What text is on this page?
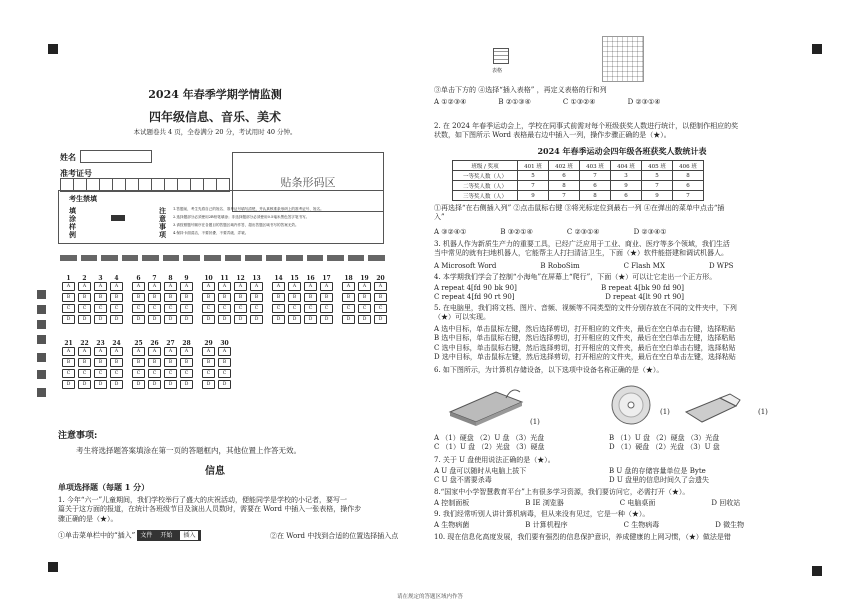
2024 年春季学期学情监测
四年级信息、音乐、美术
本试题卷共 4 页，全卷满分 20 分，考试用时 40 分钟。
姓名
准考证号
贴条形码区
考生禁填
填涂样例
注意事项
1.答题前，考生先将自己的姓名、准考证号填写清楚，并认真核准条形码上的准考证号、姓名。
2.选择题部分必须使用2B铅笔填涂；非选择题部分必须使用0.5毫米黑色签字笔书写。
3.请按照题号顺序在各题目的答题区域内作答，超出答题区域书写的答案无效。
4.保持卡面清洁，不要折叠、不要弄破、弄皱。
1
A
B
C
D
2
A
B
C
D
3
A
B
C
D
4
A
B
C
D
6
A
B
C
D
7
A
B
C
D
8
A
B
C
D
9
A
B
C
D
10
A
B
C
D
11
A
B
C
D
12
A
B
C
D
13
A
B
C
D
14
A
B
C
D
15
A
B
C
D
16
A
B
C
D
17
A
B
C
D
18
A
B
C
D
19
A
B
C
D
20
A
B
C
D
21
A
B
C
D
22
A
B
C
D
23
A
B
C
D
24
A
B
C
D
25
A
B
C
D
26
A
B
C
D
27
A
B
C
D
28
A
B
C
D
29
A
B
C
D
30
A
B
C
D
注意事项:
考生将选择题答案填涂在第一页的答题框内，其他位置上作答无效。
信息
单项选择题（每题 1 分）
1. 今年“六一”儿童期间，我们学校举行了盛大的庆祝活动，便能同学是学校的小记者，要写一
篇关于这方面的报道，在统计各班级节目及演出人员数时，需要在 Word 中插入一张表格，操作步
骤正确的是（★）。
①单击菜单栏中的“插入” 文件 开始	插入	②在 Word 中找到合适的位置选择插入点
表格
③单击下方的 ④选择“插入表格” ，再定义表格的行和列
A ①②③④	B ②①③④	C ①③②④	D ②③①④
2. 在 2024 年春季运动会上，学校在同事式前需对每个班级获奖人数进行统计，以便制作相应的奖
状数，如下图所示 Word 表格最右边中插入一列，操作步骤正确的是（★）。
2024 年春季运动会四年级各班获奖人数统计表
班级 / 奖项	401 班	402 班	403 班	404 班	405 班	406 班
一等奖人数（人）	5	6	7	3	5	8
二等奖人数（人）	7	8	6	9	7	6
三等奖人数（人）	9	7	8	6	9	7
①再选择“在右侧插入列” ②点击鼠标右键 ③将光标定位到最右一列 ④在弹出的菜单中点击“插
入”
A ③②④①	B ③②①④	C ②③①④	D ②③④①
3. 机器人作为新质生产力的重要工具，已经广泛应用于工业、商业、医疗等多个领域，我们生活
当中常见的就有扫地机器人，它能帮主人打扫清洁卫生，下面（★）软件能搭建和调试机器人。
A Microsoft Word	B RoboSim	C Flash MX	D WPS
4. 本学期我们学会了控制“小海龟”在屏幕上“爬行”，下面（★）可以让它走出一个正方形。
A repeat 4[fd 90 bk 90]	B repeat 4[bk 90 fd 90]
C repeat 4[fd 90 rt 90]	D repeat 4[lt 90 rt 90]
5. 在电脑里，我们将文档、图片、音频、视频等不同类型的文件分别存放在不同的文件夹中，下列
（★）可以实现。
A 选中目标，单击鼠标左键，然后选择剪切，打开相应的文件夹，最后在空白单击右键，选择粘贴
B 选中目标，单击鼠标右键，然后选择剪切，打开相应的文件夹，最后在空白单击左键，选择粘贴
C 选中目标，单击鼠标右键，然后选择剪切，打开相应的文件夹，最后在空白单击右键，选择粘贴
D 选中目标，单击鼠标左键，然后选择剪切，打开相应的文件夹，最后在空白单击左键，选择粘贴
6. 如下图所示，为计算机存储设备，以下选项中设备名称正确的是（★）。
(1)
(1)	(1)
A （1）硬盘 （2）U 盘 （3）光盘	B （1）U 盘 （2）硬盘 （3）光盘
C （1）U 盘 （2）光盘 （3）硬盘	D （1）硬盘 （2）光盘 （3）U 盘
7. 关于 U 盘使用说法正确的是（★）。
A U 盘可以随时从电脑上拔下	B U 盘的存储容量单位是 Byte
C U 盘不需要杀毒	D U 盘里的信息时间久了会遗失
8.“国家中小学智慧教育平台”上有很多学习资源，我们要访问它，必需打开（★）。
A 控制面板	B IE 浏览器	C 电脑桌面	D 回收站
9. 我们经常听别人讲计算机病毒，但从来没有见过，它是一种（★）。
A 生物病菌	B 计算机程序	C 生物病毒	D 微生物
10. 现在信息化高度发展，我们要有强烈的信息保护意识，养成健康的上网习惯，（★）做法是错
请在规定的答题区域内作答
